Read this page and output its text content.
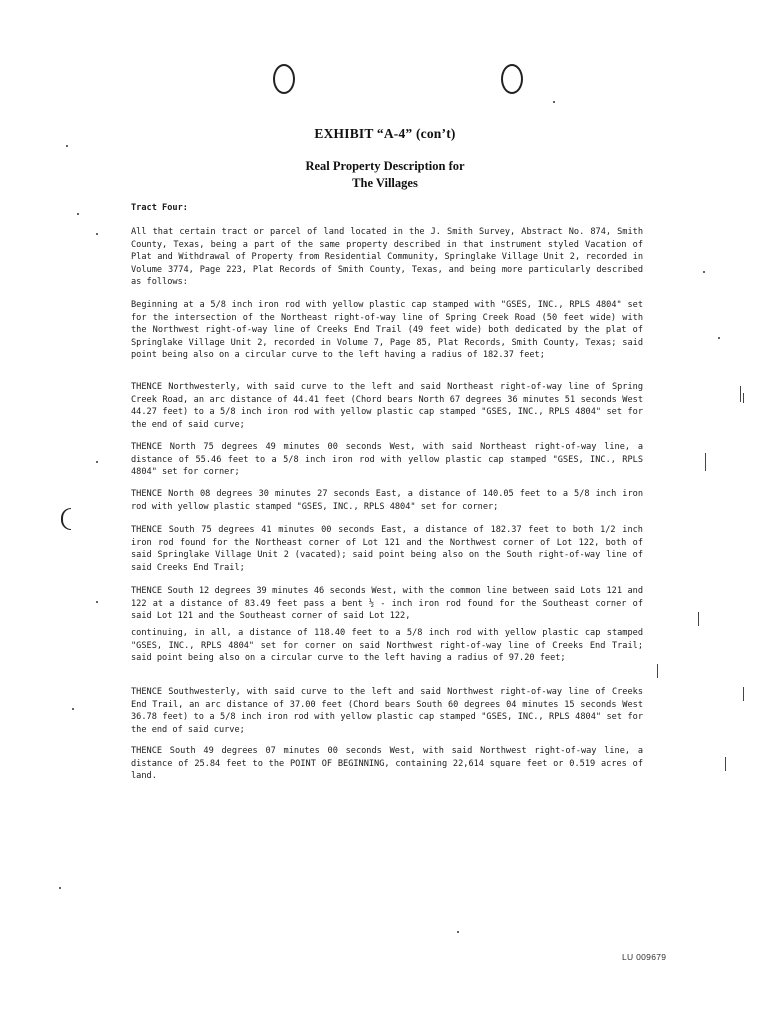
EXHIBIT “A-4” (con’t)
Real Property Description for
The Villages
Tract Four:

All that certain tract or parcel of land located in the J. Smith Survey, Abstract No. 874, Smith County, Texas, being a part of the same property described in that instrument styled Vacation of Plat and Withdrawal of Property from Residential Community, Springlake Village Unit 2, recorded in Volume 3774, Page 223, Plat Records of Smith County, Texas, and being more particularly described as follows:

Beginning at a 5/8 inch iron rod with yellow plastic cap stamped with "GSES, INC., RPLS 4804" set for the intersection of the Northeast right-of-way line of Spring Creek Road (50 feet wide) with the Northwest right-of-way line of Creeks End Trail (49 feet wide) both dedicated by the plat of Springlake Village Unit 2, recorded in Volume 7, Page 85, Plat Records, Smith County, Texas; said point being also on a circular curve to the left having a radius of 182.37 feet;

THENCE Northwesterly, with said curve to the left and said Northeast right-of-way line of Spring Creek Road, an arc distance of 44.41 feet (Chord bears North 67 degrees 36 minutes 51 seconds West 44.27 feet) to a 5/8 inch iron rod with yellow plastic cap stamped "GSES, INC., RPLS 4804" set for the end of said curve;

THENCE North 75 degrees 49 minutes 00 seconds West, with said Northeast right-of-way line, a distance of 55.46 feet to a 5/8 inch iron rod with yellow plastic cap stamped "GSES, INC., RPLS 4804" set for corner;

THENCE North 08 degrees 30 minutes 27 seconds East, a distance of 140.05 feet to a 5/8 inch iron rod with yellow plastic stamped "GSES, INC., RPLS 4804" set for corner;

THENCE South 75 degrees 41 minutes 00 seconds East, a distance of 182.37 feet to both 1/2 inch iron rod found for the Northeast corner of Lot 121 and the Northwest corner of Lot 122, both of said Springlake Village Unit 2 (vacated); said point being also on the South right-of-way line of said Creeks End Trail;

THENCE South 12 degrees 39 minutes 46 seconds West, with the common line between said Lots 121 and 122 at a distance of 83.49 feet pass a bent ½ - inch iron rod found for the Southeast corner of said Lot 121 and the Southeast corner of said Lot 122,

continuing, in all, a distance of 118.40 feet to a 5/8 inch rod with yellow plastic cap stamped "GSES, INC., RPLS 4804" set for corner on said Northwest right-of-way line of Creeks End Trail; said point being also on a circular curve to the left having a radius of 97.20 feet;

THENCE Southwesterly, with said curve to the left and said Northwest right-of-way line of Creeks End Trail, an arc distance of 37.00 feet (Chord bears South 60 degrees 04 minutes 15 seconds West 36.78 feet) to a 5/8 inch iron rod with yellow plastic cap stamped "GSES, INC., RPLS 4804" set for the end of said curve;

THENCE South 49 degrees 07 minutes 00 seconds West, with said Northwest right-of-way line, a distance of 25.84 feet to the POINT OF BEGINNING, containing 22,614 square feet or 0.519 acres of land.

LU 009679
